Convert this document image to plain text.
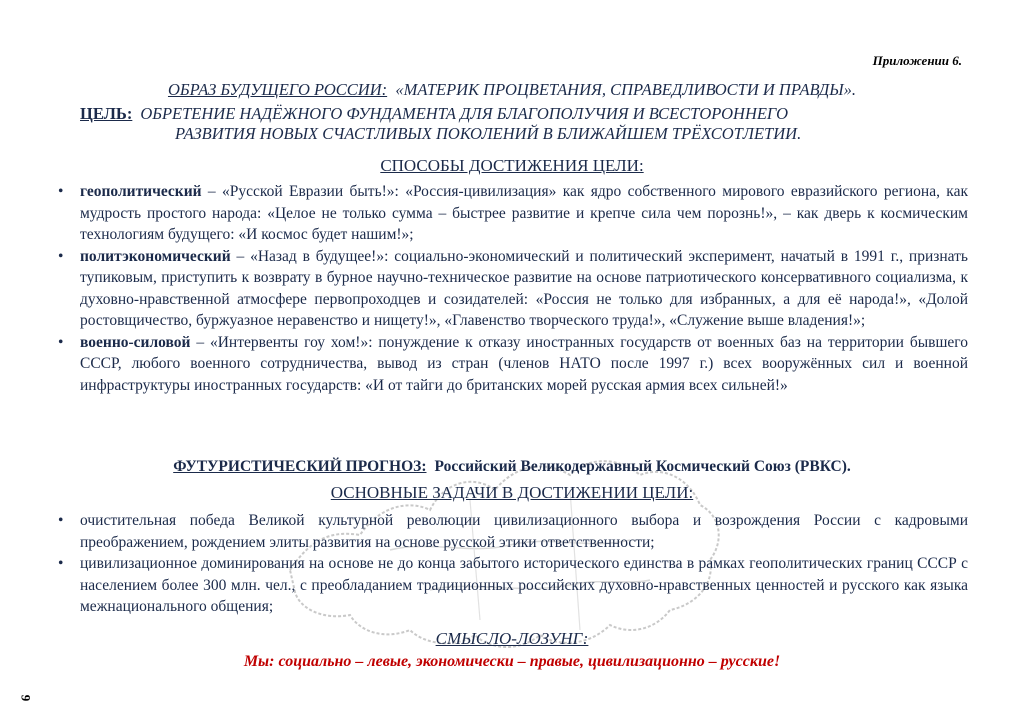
Приложении 6.
ОБРАЗ БУДУЩЕГО РОССИИ: «МАТЕРИК ПРОЦВЕТАНИЯ, СПРАВЕДЛИВОСТИ И ПРАВДЫ».
ЦЕЛЬ: ОБРЕТЕНИЕ НАДЁЖНОГО ФУНДАМЕНТА ДЛЯ БЛАГОПОЛУЧИЯ И ВСЕСТОРОННЕГО
РАЗВИТИЯ НОВЫХ СЧАСТЛИВЫХ ПОКОЛЕНИЙ В БЛИЖАЙШЕМ ТРЁХСОТЛЕТИИ.
СПОСОБЫ ДОСТИЖЕНИЯ ЦЕЛИ:
• геополитический – «Русской Евразии быть!»: «Россия-цивилизация» как ядро собственного мирового евразийского региона, как мудрость простого народа: «Целое не только сумма – быстрее развитие и крепче сила чем порознь!», – как дверь к космическим технологиям будущего: «И космос будет нашим!»;
• политэкономический – «Назад в будущее!»: социально-экономический и политический эксперимент, начатый в 1991 г., признать тупиковым, приступить к возврату в бурное научно-техническое развитие на основе патриотического консервативного социализма, к духовно-нравственной атмосфере первопроходцев и созидателей: «Россия не только для избранных, а для её народа!», «Долой ростовщичество, буржуазное неравенство и нищету!», «Главенство творческого труда!», «Служение выше владения!»;
• военно-силовой – «Интервенты гоу хом!»: понуждение к отказу иностранных государств от военных баз на территории бывшего СССР, любого военного сотрудничества, вывод из стран (членов НАТО после 1997 г.) всех вооружённых сил и военной инфраструктуры иностранных государств: «И от тайги до британских морей русская армия всех сильней!»
ФУТУРИСТИЧЕСКИЙ ПРОГНОЗ: Российский Великодержавный Космический Союз (РВКС).
ОСНОВНЫЕ ЗАДАЧИ В ДОСТИЖЕНИИ ЦЕЛИ:
• очистительная победа Великой культурной революции цивилизационного выбора и возрождения России с кадровыми преображением, рождением элиты развития на основе русской этики ответственности;
• цивилизационное доминирования на основе не до конца забытого исторического единства в рамках геополитических границ СССР с населением более 300 млн. чел., с преобладанием традиционных российских духовно-нравственных ценностей и русского как языка межнационального общения;
СМЫСЛО-ЛОЗУНГ:
Мы: социально – левые, экономически – правые, цивилизационно – русские!
9
